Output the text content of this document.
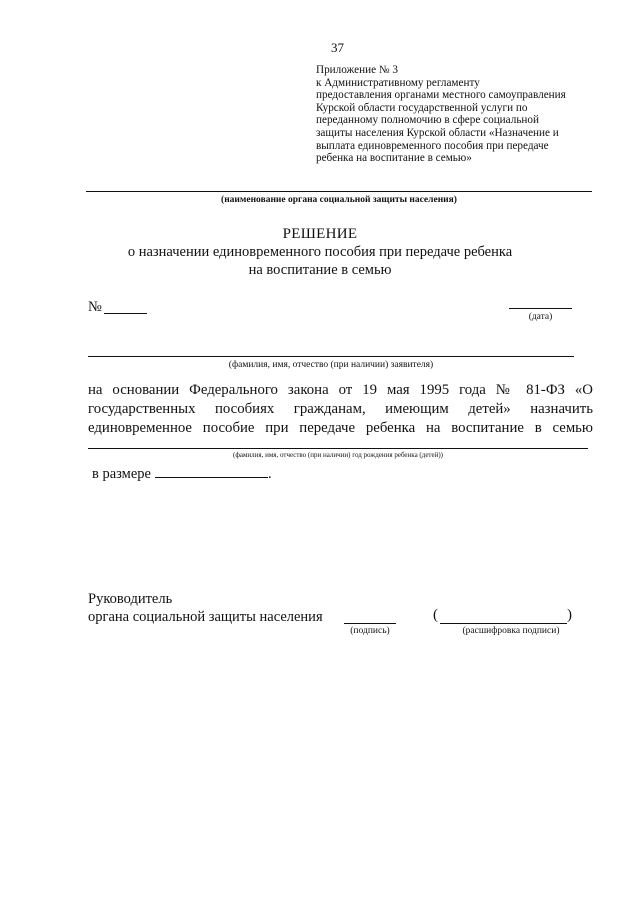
37
Приложение № 3
к Административному регламенту
предоставления органами местного самоуправления
Курской области государственной услуги по
переданному полномочию в сфере социальной
защиты населения Курской области «Назначение и
выплата единовременного пособия при передаче
ребенка на воспитание в семью»
(наименование органа социальной защиты населения)
РЕШЕНИЕ
о назначении единовременного пособия при передаче ребенка
на воспитание в семью
№
(дата)
(фамилия, имя, отчество (при наличии) заявителя)
на основании Федерального закона от 19 мая 1995 года № 81-ФЗ «О
государственных пособиях гражданам, имеющим детей» назначить
единовременное пособие при передаче ребенка на воспитание в семью
(фамилия, имя, отчество (при наличии) год рождения ребенка (детей))
в размере	.
Руководитель
органа социальной защиты населения
(подпись)
(	)
(расшифровка подписи)
